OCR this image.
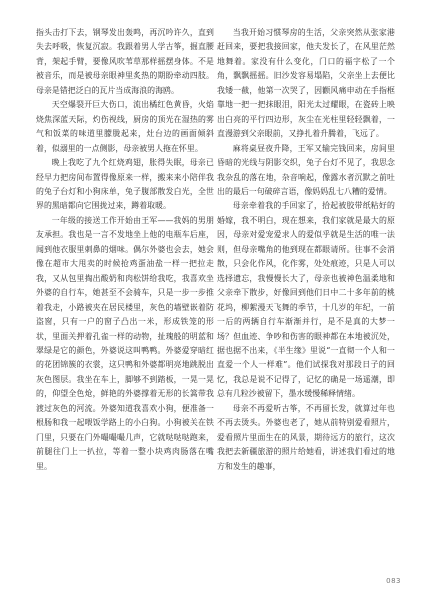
指头击打下去，钢琴发出轰鸣，再沉吟许久，直到失去呼吸，恢复沉寂。我跟着男人学古筝，掘直腰背，架起手臂，要像风吹苇草那样摇摆身体。不是被音乐，而是被母亲眼神里炙热的期盼牵动四肢。母亲是错把泛白的瓦片当成海浪的海鸥。

天空爆裂开巨大伤口，流出橘红色黄昏，火焰烧焦深蓝天际，灼伤视线，厨房的顶光在湿热的雾气和饭菜的味道里朦胧起来，灶台边的画面倾斜着，似溺里的一点侧影，母亲被男人拖在怀里。

晚上我吃了九个红烧鸡翅，胀得失眠，母亲已经早力把房间布置得像原来一样，搬来来小陪伴我的兔子台灯和小狗床单，兔子腹部散发白光，全世界的黑暗都向它围拢过来，蹲着取暖。

一年级的接送工作开始由王军——我妈的男朋友承担。我也是一言不发地坐上他的电瓶车后座，闻到他衣服里刺鼻的烟味。偶尔外婆也会去，她会像在超市大甩卖的时候抢鸡蛋油盐一样一把拉走我，又从包里掏出酸奶和肉松饼给我吃，我喜欢坐外婆的自行车，她甚至不会骑车，只是一步一步推着我走，小路被夹在居民楼里，灰色的墙壁嵌着防盗窗，只有一户的窗子凸出一米，形成铁笼的形状，里面关押着孔雀一样的动物，扯瑰般的明蓝和翠绿是它的颜色，外婆说这叫鸭鸭。外婆爱穿暗红的花团锦簇的衣裳，这只鸭和外婆都明亮地跳脱出灰色图层。我坐在车上，脚够不到踏板，一晃一晃的，仰望全色炝，鲜艳的外婆撑着无形的长篙带我渡过灰色的河流。外婆知道我喜欢小狗，便准备一根肠和我一起喂饭学路上的小白狗。小狗被关在铁门里，只要在门外嘬嘬嘬几声，它就哒哒哒跑来，前腿往门上一扒拉，等着一整小块鸡肉肠落在嘴里。

当我开始习惯琴房的生活，父亲突然从张家港赶回来，要把我接回家，他夫发长了，在风里茫然地舞着。家没有什么变化，门口的福字松了一个角，飘飘摇摇。旧沙发容易塌陷，父亲坐上去便比我矮一截，他第一次哭了，因颧风痛申动在手指框靠地一把一把抹眼泪，阳光太过耀眼，在瓷砖上映出白亮的平行四边形，灰尘在光柱里轻轻飘着，一直漫游到父亲眼前，又挣扎着升腾着，飞远了。

麻将桌昼夜升降，王军又输完钱回来，房间里昏暗的光线与阴影交织，兔子台灯不见了，我思念我杂乱的落在地，杂音响起，像露水者沉默之前吐出的最后一句破碎言语，像妈妈乱七八糟的爱情。

母亲牵着我的手回家了，拾起被胶带纸粘好的婚嫁，我不明白，现在想来，我们家就是最大的原因，母亲对爱宠爱求人的爱似乎就是生活的唯一法则，但母亲嘴角的他到现在都眼请所。往事不会消散，只会化作风，化作雾，处处痕迹，只是人可以选择遗忘，我慢慢长大了，母亲也被神色温柔地和父亲牵下散步，好像回到他们日中二十多年前的桃花坞，柳絮漫天飞舞的季节，十几岁的年纪，一前一后的两辆自行车渐渐并行，是不是真的大梦一场？但血迹、争吵和伤害的眼神都在本地被沉处，据也据不出来，《半生缘》里说“一直彻一个人和一直爱一个人一样难”。他们试探我对那段日子的回忆，我总是说不记得了，记忆的确是一场遥潮，即总有几粒沙被留下，墨水缓慢稀释情绪。

母亲不再爱听古筝，不再留长发，就算过年也不再去烫头。外婆也老了，她从前特别爱看照片，爱看照片里面生在的风景，期待远方的旅行，这次我把去新疆旅游的照片给她看，讲述我们看过的地方和发生的趣事，

083
